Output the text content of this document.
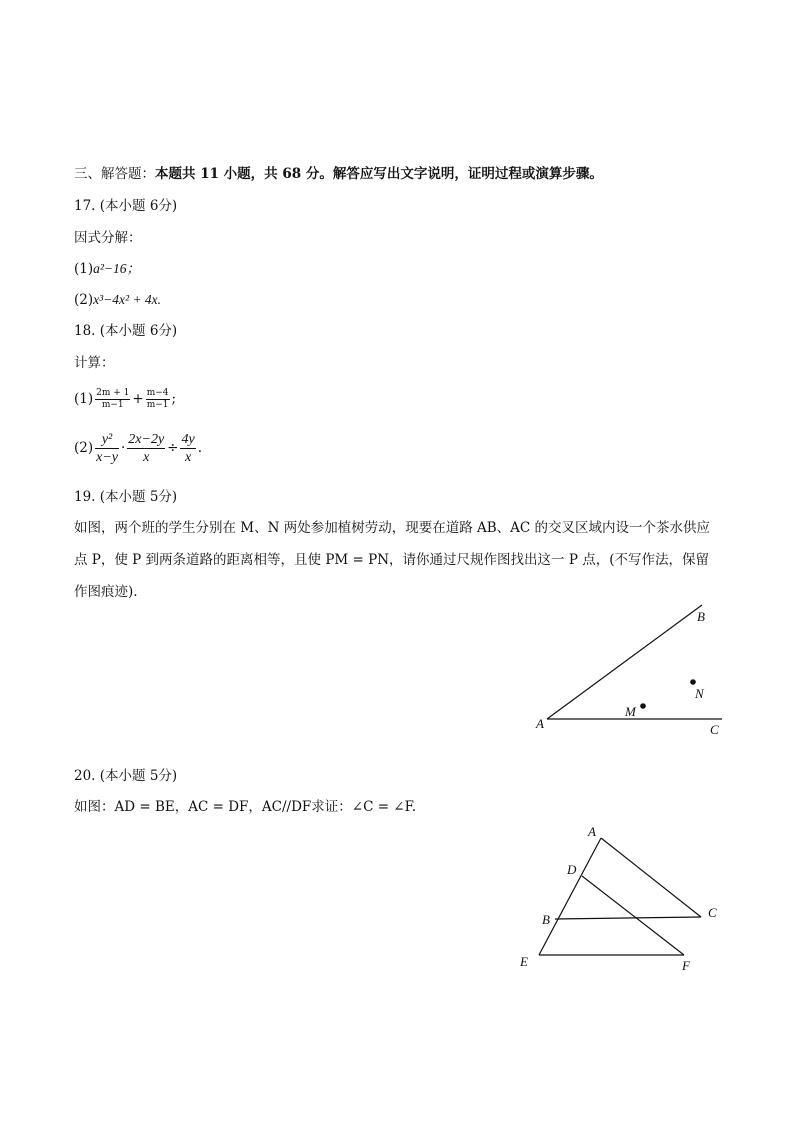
三、解答题：本题共 11 小题，共 68 分。解答应写出文字说明，证明过程或演算步骤。
17. (本小题 6分)
因式分解：
(1)a²−16；
(2)x³−4x² + 4x.
18. (本小题 6分)
计算：
$(1) \frac{2m + 1}{m-1} + \frac{m-4}{m-1}$ ;
$(2) \frac{\text{y²}}{x-y} \cdot \frac{2x-2y}{x} \div \frac{4y}{x}$ .
19. (本小题 5分)
如图，两个班的学生分别在 M、N 两处参加植树劳动，现要在道路 AB、AC 的交叉区域内设一个茶水供应
点 P，使 P 到两条道路的距离相等，且使 PM = PN，请你通过尺规作图找出这一 P 点，(不写作法，保留
作图痕迹).
A
B
C
M
N
20. (本小题 5分)
如图：AD = BE，AC = DF，AC//DF求证：∠C = ∠F.
A
D
B	C
E	F
